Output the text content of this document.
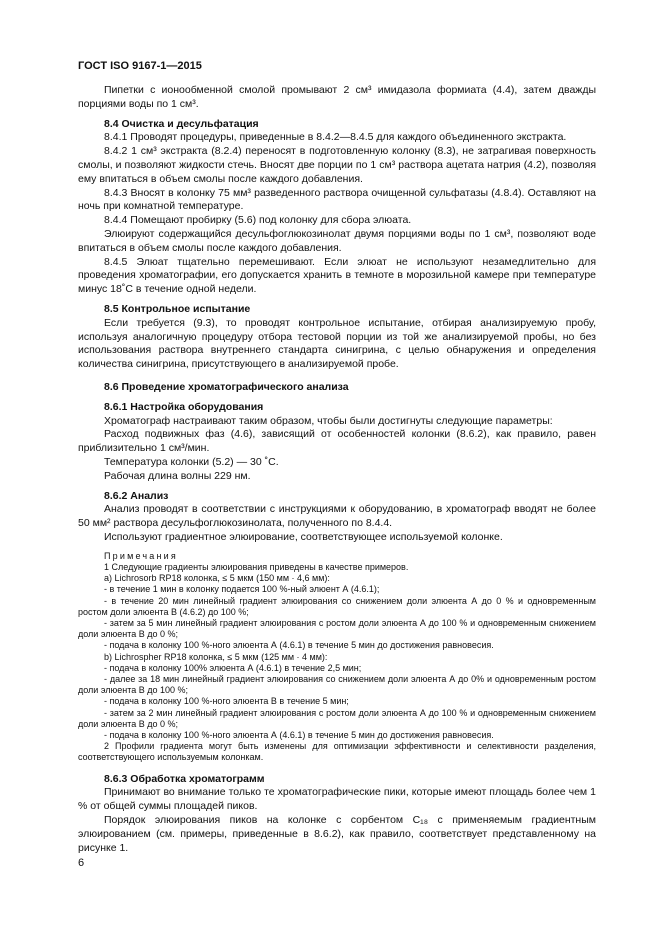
ГОСТ ISO 9167-1—2015

Пипетки с ионообменной смолой промывают 2 см³ имидазола формиата (4.4), затем дважды порциями воды по 1 см³.

8.4 Очистка и десульфатация

8.4.1 Проводят процедуры, приведенные в 8.4.2—8.4.5 для каждого объединенного экстракта.

8.4.2 1 см³ экстракта (8.2.4) переносят в подготовленную колонку (8.3), не затрагивая поверхность смолы, и позволяют жидкости стечь. Вносят две порции по 1 см³ раствора ацетата натрия (4.2), позволяя ему впитаться в объем смолы после каждого добавления.

8.4.3 Вносят в колонку 75 мм³ разведенного раствора очищенной сульфатазы (4.8.4). Оставляют на ночь при комнатной температуре.

8.4.4 Помещают пробирку (5.6) под колонку для сбора элюата.

Элюируют содержащийся десульфоглюкозинолат двумя порциями воды по 1 см³, позволяют воде впитаться в объем смолы после каждого добавления.

8.4.5 Элюат тщательно перемешивают. Если элюат не используют незамедлительно для проведения хроматографии, его допускается хранить в темноте в морозильной камере при температуре минус 18˚С в течение одной недели.

8.5 Контрольное испытание

Если требуется (9.3), то проводят контрольное испытание, отбирая анализируемую пробу, используя аналогичную процедуру отбора тестовой порции из той же анализируемой пробы, но без использования раствора внутреннего стандарта синигрина, с целью обнаружения и определения количества синигрина, присутствующего в анализируемой пробе.

8.6 Проведение хроматографического анализа
8.6.1 Настройка оборудования

Хроматограф настраивают таким образом, чтобы были достигнуты следующие параметры:

Расход подвижных фаз (4.6), зависящий от особенностей колонки (8.6.2), как правило, равен приблизительно 1 см³/мин.

Температура колонки (5.2) — 30 ˚С.

Рабочая длина волны 229 нм.

8.6.2 Анализ

Анализ проводят в соответствии с инструкциями к оборудованию, в хроматограф вводят не более 50 мм² раствора десульфоглюкозинолата, полученного по 8.4.4.

Используют градиентное элюирование, соответствующее используемой колонке.

Примечания

1 Следующие градиенты элюирования приведены в качестве примеров.

a) Lichrosorb RP18 колонка, ≤ 5 мкм (150 мм · 4,6 мм):

- в течение 1 мин в колонку подается 100 %-ный элюент А (4.6.1);

- в течение 20 мин линейный градиент элюирования со снижением доли элюента А до 0 % и одновременным ростом доли элюента В (4.6.2) до 100 %;

- затем за 5 мин линейный градиент элюирования с ростом доли элюента А до 100 % и одновременным снижением доли элюента В до 0 %;

- подача в колонку 100 %-ного элюента А (4.6.1) в течение 5 мин до достижения равновесия.

b) Lichrospher RP18 колонка, ≤ 5 мкм (125 мм · 4 мм):

- подача в колонку 100% элюента А (4.6.1) в течение 2,5 мин;

- далее за 18 мин линейный градиент элюирования со снижением доли элюента А до 0% и одновременным ростом доли элюента В до 100 %;

- подача в колонку 100 %-ного элюента В в течение 5 мин;

- затем за 2 мин линейный градиент элюирования с ростом доли элюента А до 100 % и одновременным снижением доли элюента В до 0 %;

- подача в колонку 100 %-ного элюента А (4.6.1) в течение 5 мин до достижения равновесия.

2 Профили градиента могут быть изменены для оптимизации эффективности и селективности разделения, соответствующего используемым колонкам.

8.6.3 Обработка хроматограмм

Принимают во внимание только те хроматографические пики, которые имеют площадь более чем 1 % от общей суммы площадей пиков.

Порядок элюирования пиков на колонке с сорбентом С₁₈ с применяемым градиентным элюированием (см. примеры, приведенные в 8.6.2), как правило, соответствует представленному на рисунке 1.

6
